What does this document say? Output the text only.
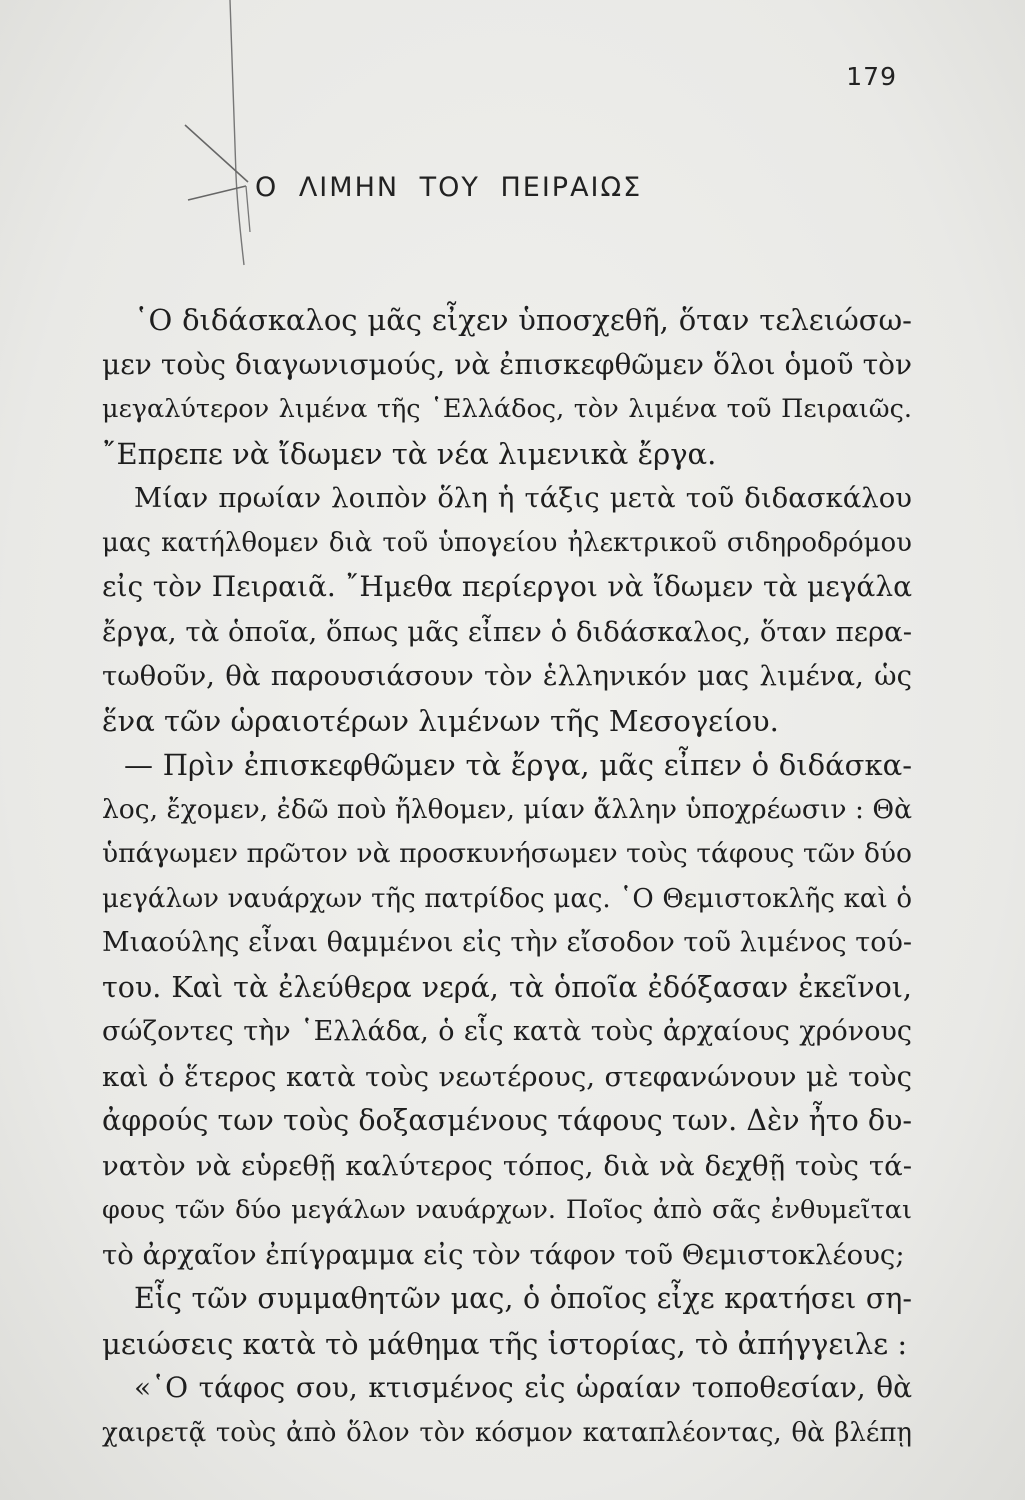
179
Ο ΛΙΜΗΝ ΤΟΥ ΠΕΙΡΑΙΩΣ
῾Ο διδάσκαλος μᾶς εἶχεν ὑποσχεθῆ, ὅταν τελειώσω-
μεν τοὺς διαγωνισμούς, νὰ ἐπισκεφθῶμεν ὅλοι ὁμοῦ τὸν
μεγαλύτερον λιμένα τῆς ῾Ελλάδος, τὸν λιμένα τοῦ Πειραιῶς.
῎Επρεπε νὰ ἴδωμεν τὰ νέα λιμενικὰ ἔργα.
Μίαν πρωίαν λοιπὸν ὅλη ἡ τάξις μετὰ τοῦ διδασκάλου
μας κατήλθομεν διὰ τοῦ ὑπογείου ἠλεκτρικοῦ σιδηροδρόμου
εἰς τὸν Πειραιᾶ. ῎Ημεθα περίεργοι νὰ ἴδωμεν τὰ μεγάλα
ἔργα, τὰ ὁποῖα, ὅπως μᾶς εἶπεν ὁ διδάσκαλος, ὅταν περα-
τωθοῦν, θὰ παρουσιάσουν τὸν ἑλληνικόν μας λιμένα, ὡς
ἕνα τῶν ὡραιοτέρων λιμένων τῆς Μεσογείου.
— Πρὶν ἐπισκεφθῶμεν τὰ ἔργα, μᾶς εἶπεν ὁ διδάσκα-
λος, ἔχομεν, ἐδῶ ποὺ ἤλθομεν, μίαν ἄλλην ὑποχρέωσιν : Θὰ
ὑπάγωμεν πρῶτον νὰ προσκυνήσωμεν τοὺς τάφους τῶν δύο
μεγάλων ναυάρχων τῆς πατρίδος μας. ῾Ο Θεμιστοκλῆς καὶ ὁ
Μιαούλης εἶναι θαμμένοι εἰς τὴν εἴσοδον τοῦ λιμένος τού-
του. Καὶ τὰ ἐλεύθερα νερά, τὰ ὁποῖα ἐδόξασαν ἐκεῖνοι,
σώζοντες τὴν ῾Ελλάδα, ὁ εἷς κατὰ τοὺς ἀρχαίους χρόνους
καὶ ὁ ἕτερος κατὰ τοὺς νεωτέρους, στεφανώνουν μὲ τοὺς
ἀφρούς των τοὺς δοξασμένους τάφους των. Δὲν ἦτο δυ-
νατὸν νὰ εὑρεθῇ καλύτερος τόπος, διὰ νὰ δεχθῇ τοὺς τά-
φους τῶν δύο μεγάλων ναυάρχων. Ποῖος ἀπὸ σᾶς ἐνθυμεῖται
τὸ ἀρχαῖον ἐπίγραμμα εἰς τὸν τάφον τοῦ Θεμιστοκλέους;
Εἷς τῶν συμμαθητῶν μας, ὁ ὁποῖος εἶχε κρατήσει ση-
μειώσεις κατὰ τὸ μάθημα τῆς ἱστορίας, τὸ ἀπήγγειλε :
«῾Ο τάφος σου, κτισμένος εἰς ὡραίαν τοποθεσίαν, θὰ
χαιρετᾷ τοὺς ἀπὸ ὅλον τὸν κόσμον καταπλέοντας, θὰ βλέπῃ
